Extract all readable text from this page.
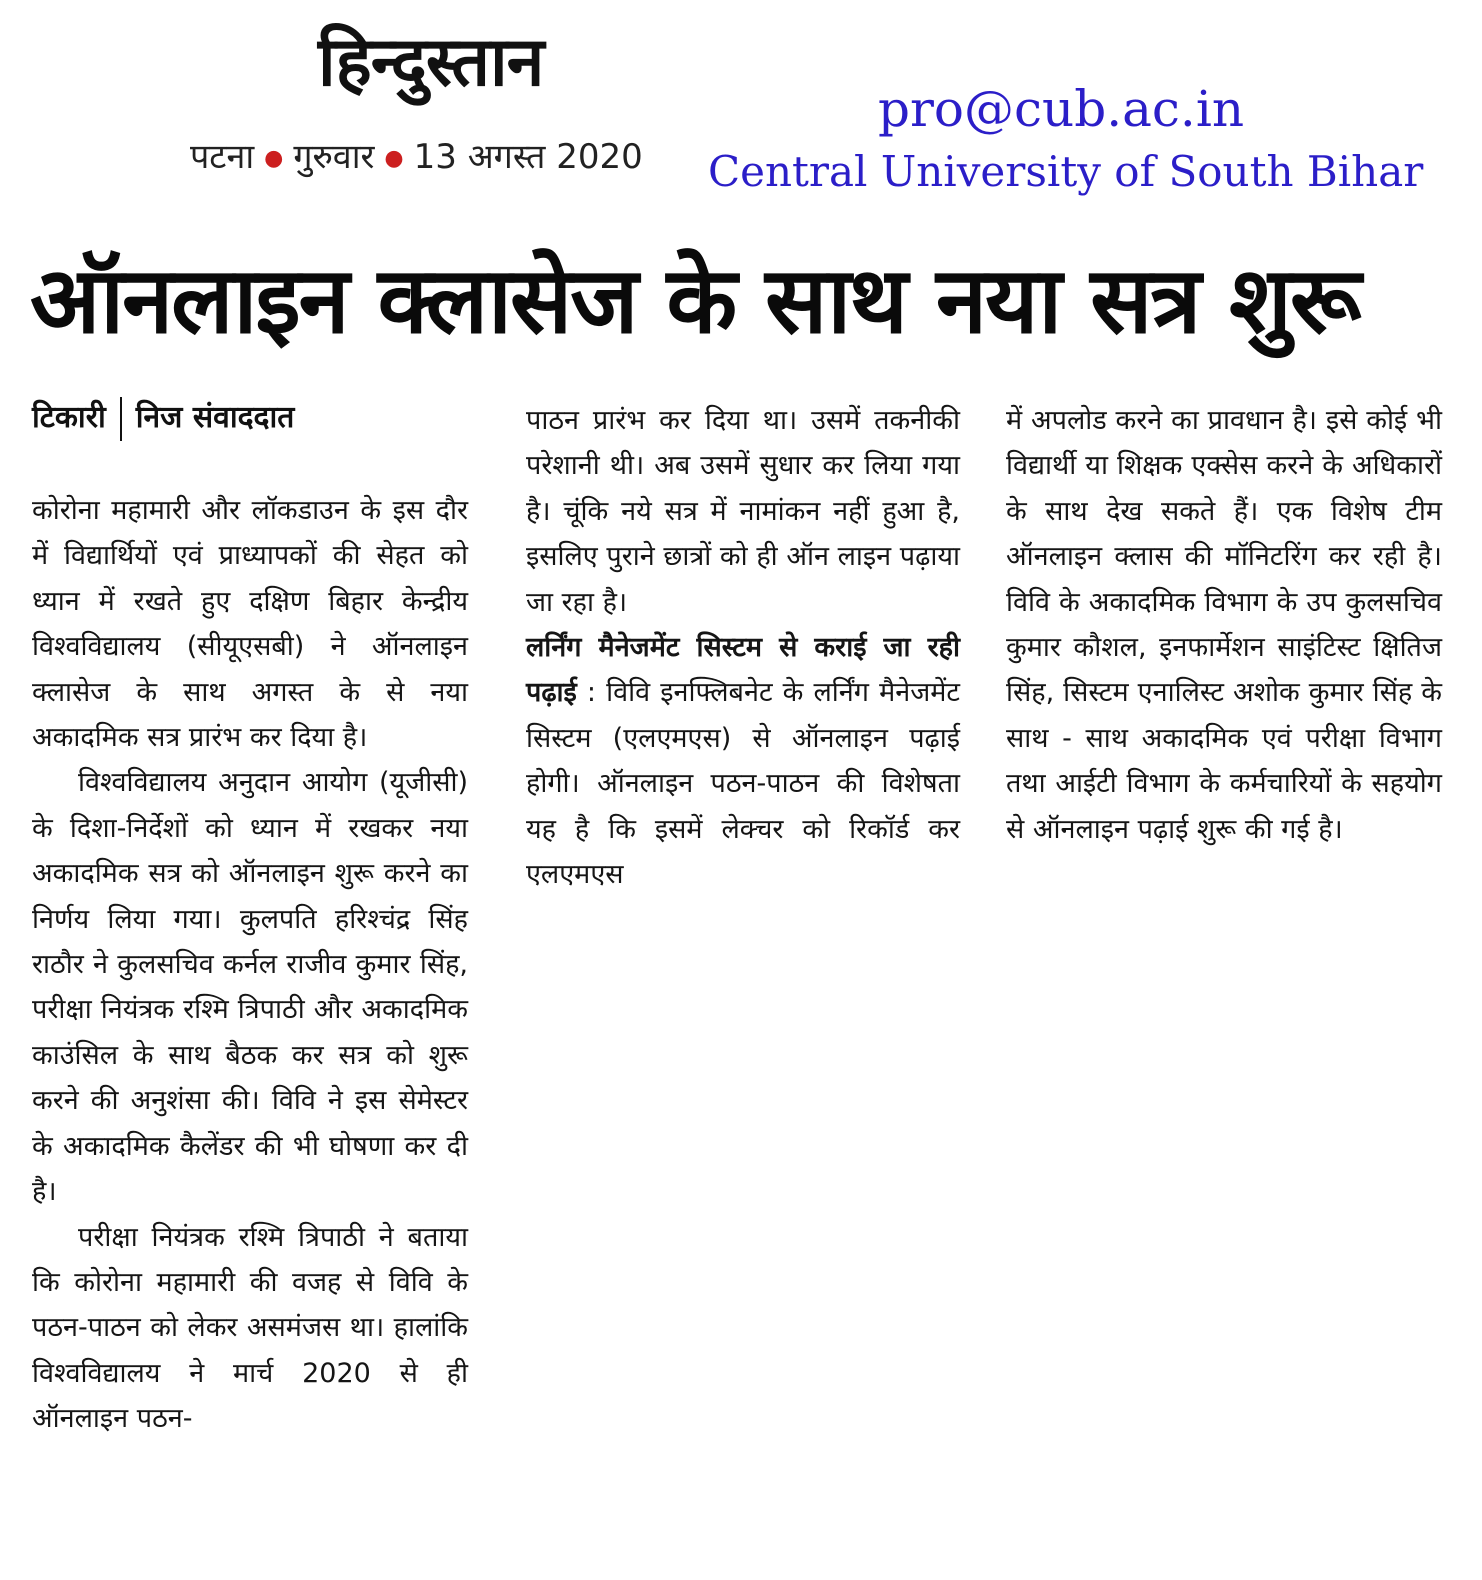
हिन्दुस्तान
पटना ● गुरुवार ● 13 अगस्त 2020
pro@cub.ac.in
Central University of South Bihar
ऑनलाइन क्लासेज के साथ नया सत्र शुरू
टिकारी निज संवाददात

कोरोना महामारी और लॉकडाउन के इस दौर में विद्यार्थियों एवं प्राध्यापकों की सेहत को ध्यान में रखते हुए दक्षिण बिहार केन्द्रीय विश्वविद्यालय (सीयूएसबी) ने ऑनलाइन क्लासेज के साथ अगस्त के से नया अकादमिक सत्र प्रारंभ कर दिया है।

विश्वविद्यालय अनुदान आयोग (यूजीसी) के दिशा-निर्देशों को ध्यान में रखकर नया अकादमिक सत्र को ऑनलाइन शुरू करने का निर्णय लिया गया। कुलपति हरिश्चंद्र सिंह राठौर ने कुलसचिव कर्नल राजीव कुमार सिंह, परीक्षा नियंत्रक रश्मि त्रिपाठी और अकादमिक काउंसिल के साथ बैठक कर सत्र को शुरू करने की अनुशंसा की। विवि ने इस सेमेस्टर के अकादमिक कैलेंडर की भी घोषणा कर दी है।

परीक्षा नियंत्रक रश्मि त्रिपाठी ने बताया कि कोरोना महामारी की वजह से विवि के पठन-पाठन को लेकर असमंजस था। हालांकि विश्वविद्यालय ने मार्च 2020 से ही ऑनलाइन पठन-

पाठन प्रारंभ कर दिया था। उसमें तकनीकी परेशानी थी। अब उसमें सुधार कर लिया गया है। चूंकि नये सत्र में नामांकन नहीं हुआ है, इसलिए पुराने छात्रों को ही ऑन लाइन पढ़ाया जा रहा है।

लर्निंग मैनेजमेंट सिस्टम से कराई जा रही पढ़ाई : विवि इनफ्लिबनेट के लर्निंग मैनेजमेंट सिस्टम (एलएमएस) से ऑनलाइन पढ़ाई होगी। ऑनलाइन पठन-पाठन की विशेषता यह है कि इसमें लेक्चर को रिकॉर्ड कर एलएमएस

में अपलोड करने का प्रावधान है। इसे कोई भी विद्यार्थी या शिक्षक एक्सेस करने के अधिकारों के साथ देख सकते हैं। एक विशेष टीम ऑनलाइन क्लास की मॉनिटरिंग कर रही है। विवि के अकादमिक विभाग के उप कुलसचिव कुमार कौशल, इनफार्मेशन साइंटिस्ट क्षितिज सिंह, सिस्टम एनालिस्ट अशोक कुमार सिंह के साथ - साथ अकादमिक एवं परीक्षा विभाग तथा आईटी विभाग के कर्मचारियों के सहयोग से ऑनलाइन पढ़ाई शुरू की गई है।
